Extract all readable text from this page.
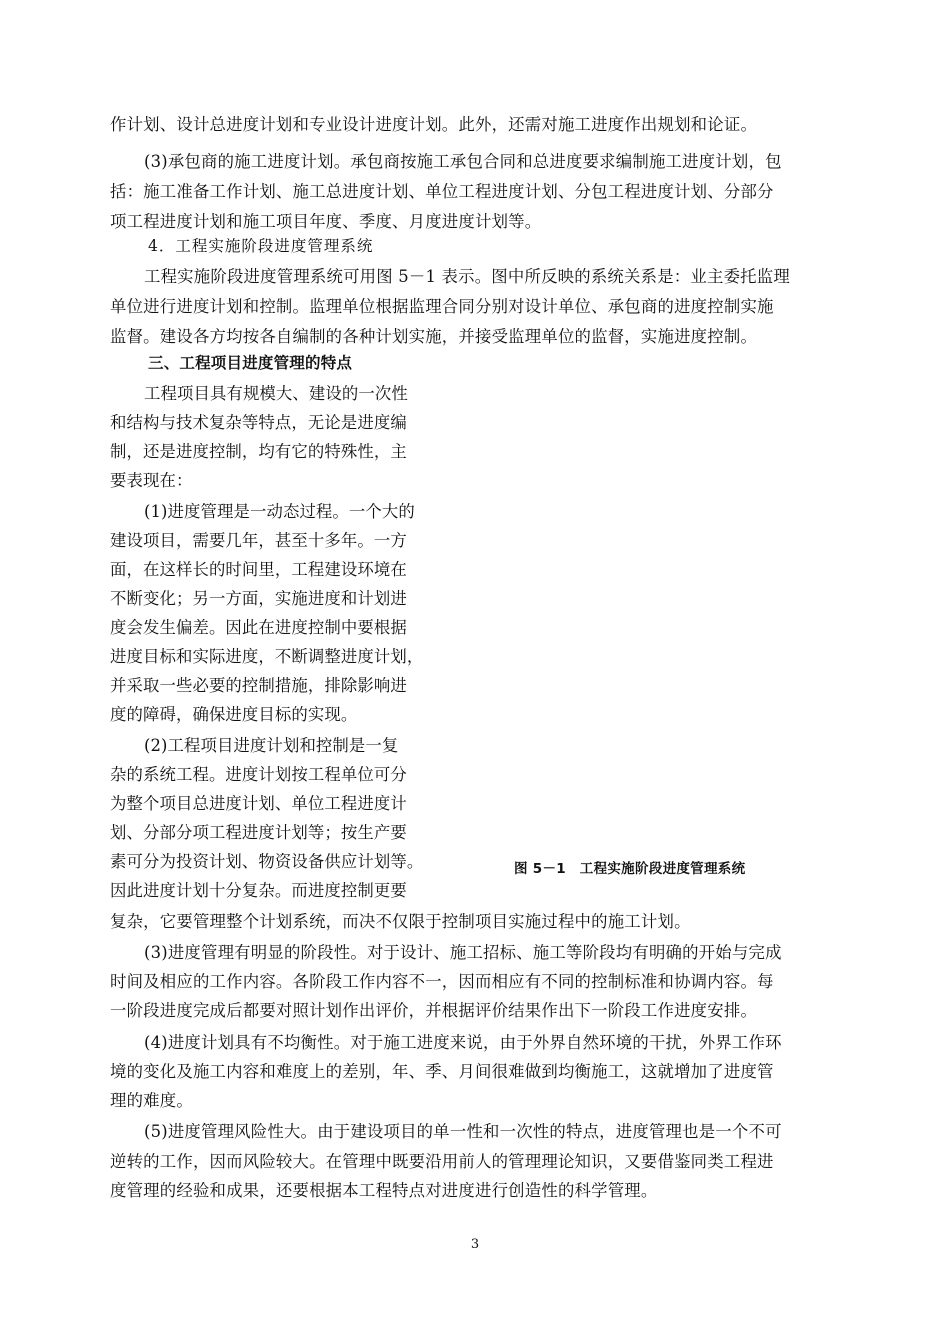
作计划、设计总进度计划和专业设计进度计划。此外，还需对施工进度作出规划和论证。
(3)承包商的施工进度计划。承包商按施工承包合同和总进度要求编制施工进度计划，包
括：施工准备工作计划、施工总进度计划、单位工程进度计划、分包工程进度计划、分部分
项工程进度计划和施工项目年度、季度、月度进度计划等。
4．工程实施阶段进度管理系统
工程实施阶段进度管理系统可用图 5－1 表示。图中所反映的系统关系是：业主委托监理
单位进行进度计划和控制。监理单位根据监理合同分别对设计单位、承包商的进度控制实施
监督。建设各方均按各自编制的各种计划实施，并接受监理单位的监督，实施进度控制。
三、工程项目进度管理的特点
工程项目具有规模大、建设的一次性
和结构与技术复杂等特点，无论是进度编
制，还是进度控制，均有它的特殊性，主
要表现在：
(1)进度管理是一动态过程。一个大的
建设项目，需要几年，甚至十多年。一方
面，在这样长的时间里，工程建设环境在
不断变化；另一方面，实施进度和计划进
度会发生偏差。因此在进度控制中要根据
进度目标和实际进度，不断调整进度计划，
并采取一些必要的控制措施，排除影响进
度的障碍，确保进度目标的实现。
(2)工程项目进度计划和控制是一复
杂的系统工程。进度计划按工程单位可分
为整个项目总进度计划、单位工程进度计
划、分部分项工程进度计划等；按生产要
素可分为投资计划、物资设备供应计划等。
因此进度计划十分复杂。而进度控制更要
复杂，它要管理整个计划系统，而决不仅限于控制项目实施过程中的施工计划。
(3)进度管理有明显的阶段性。对于设计、施工招标、施工等阶段均有明确的开始与完成
时间及相应的工作内容。各阶段工作内容不一，因而相应有不同的控制标准和协调内容。每
一阶段进度完成后都要对照计划作出评价，并根据评价结果作出下一阶段工作进度安排。
(4)进度计划具有不均衡性。对于施工进度来说，由于外界自然环境的干扰，外界工作环
境的变化及施工内容和难度上的差别，年、季、月间很难做到均衡施工，这就增加了进度管
理的难度。
(5)进度管理风险性大。由于建设项目的单一性和一次性的特点，进度管理也是一个不可
逆转的工作，因而风险较大。在管理中既要沿用前人的管理理论知识，又要借鉴同类工程进
度管理的经验和成果，还要根据本工程特点对进度进行创造性的科学管理。
图 5－1　工程实施阶段进度管理系统
3
